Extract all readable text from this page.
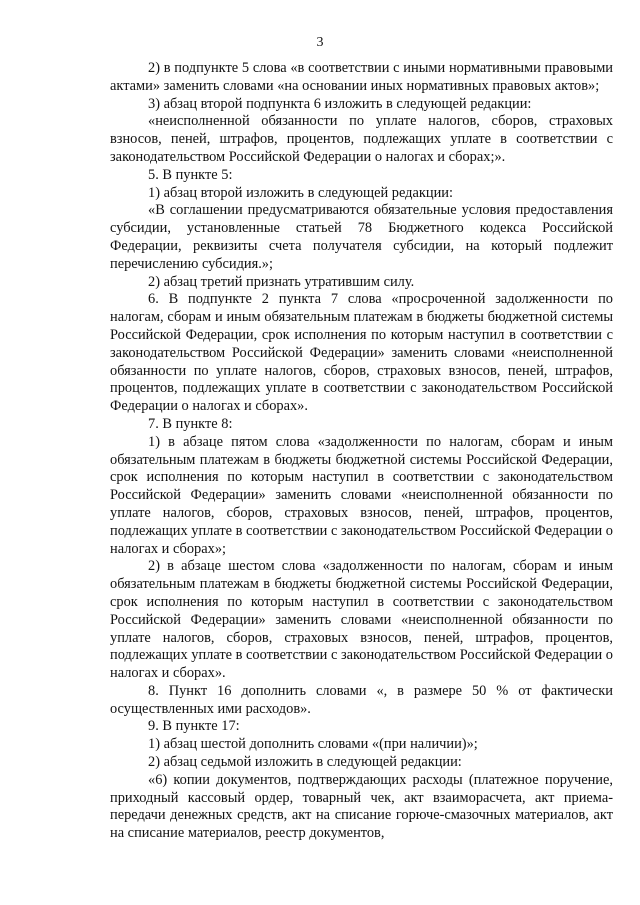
3

2) в подпункте 5 слова «в соответствии с иными нормативными правовыми актами» заменить словами «на основании иных нормативных правовых актов»;

3) абзац второй подпункта 6 изложить в следующей редакции:

«неисполненной обязанности по уплате налогов, сборов, страховых взносов, пеней, штрафов, процентов, подлежащих уплате в соответствии с законодательством Российской Федерации о налогах и сборах;».

5. В пункте 5:

1) абзац второй изложить в следующей редакции:

«В соглашении предусматриваются обязательные условия предоставления субсидии, установленные статьей 78 Бюджетного кодекса Российской Федерации, реквизиты счета получателя субсидии, на который подлежит перечислению субсидия.»;

2) абзац третий признать утратившим силу.

6. В подпункте 2 пункта 7 слова «просроченной задолженности по налогам, сборам и иным обязательным платежам в бюджеты бюджетной системы Российской Федерации, срок исполнения по которым наступил в соответствии с законодательством Российской Федерации» заменить словами «неисполненной обязанности по уплате налогов, сборов, страховых взносов, пеней, штрафов, процентов, подлежащих уплате в соответствии с законодательством Российской Федерации о налогах и сборах».

7. В пункте 8:

1) в абзаце пятом слова «задолженности по налогам, сборам и иным обязательным платежам в бюджеты бюджетной системы Российской Федерации, срок исполнения по которым наступил в соответствии с законодательством Российской Федерации» заменить словами «неисполненной обязанности по уплате налогов, сборов, страховых взносов, пеней, штрафов, процентов, подлежащих уплате в соответствии с законодательством Российской Федерации о налогах и сборах»;

2) в абзаце шестом слова «задолженности по налогам, сборам и иным обязательным платежам в бюджеты бюджетной системы Российской Федерации, срок исполнения по которым наступил в соответствии с законодательством Российской Федерации» заменить словами «неисполненной обязанности по уплате налогов, сборов, страховых взносов, пеней, штрафов, процентов, подлежащих уплате в соответствии с законодательством Российской Федерации о налогах и сборах».

8. Пункт 16 дополнить словами «, в размере 50 % от фактически осуществленных ими расходов».

9. В пункте 17:

1) абзац шестой дополнить словами «(при наличии)»;

2) абзац седьмой изложить в следующей редакции:

«6) копии документов, подтверждающих расходы (платежное поручение, приходный кассовый ордер, товарный чек, акт взаиморасчета, акт приема-передачи денежных средств, акт на списание горюче-смазочных материалов, акт на списание материалов, реестр документов,
